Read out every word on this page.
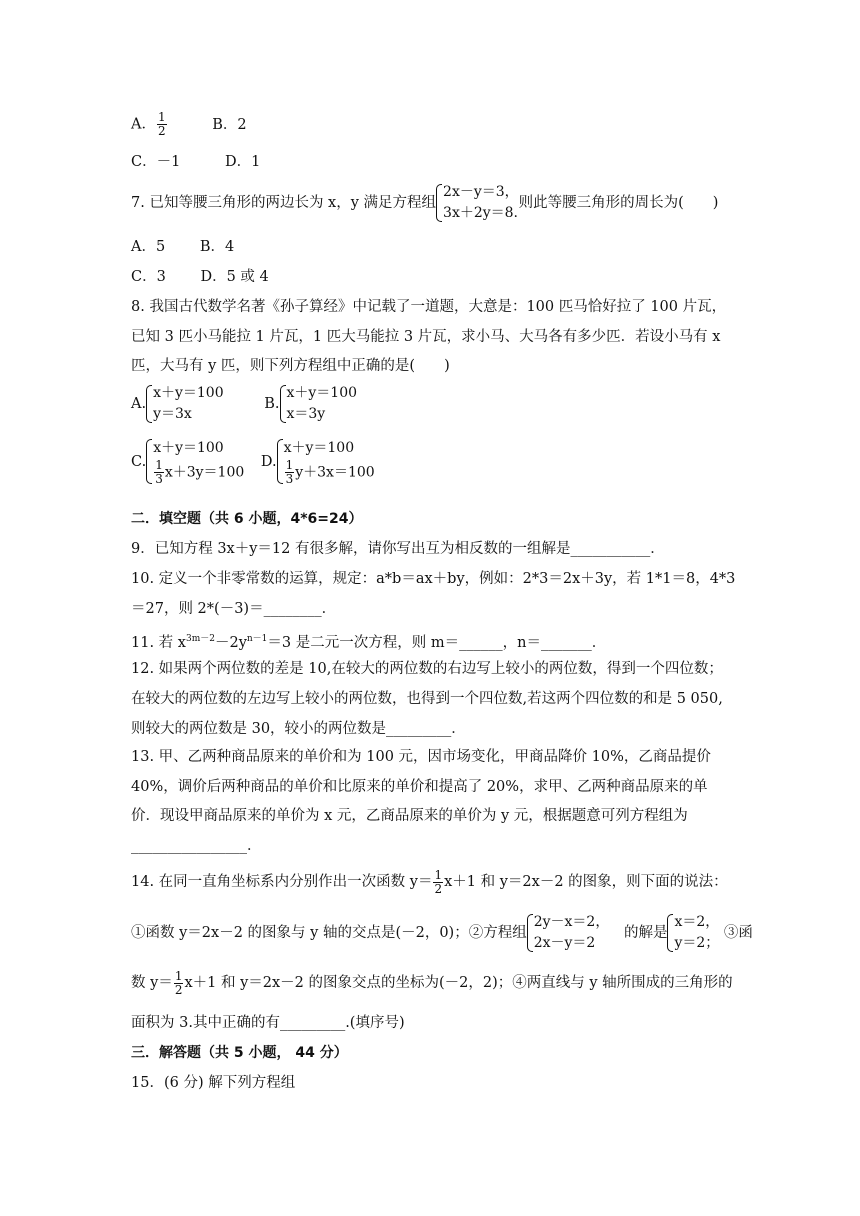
A． $\frac{1}{2}$	B．2
C．－1	D．1
7. 已知等腰三角形的两边长为 x，y 满足方程组
2x－y＝3，
3x＋2y＝8.
则此等腰三角形的周长为(　　)
A．5 B．4
C．3 D．5 或 4
8. 我国古代数学名著《孙子算经》中记载了一道题，大意是：100 匹马恰好拉了 100 片瓦，
已知 3 匹小马能拉 1 片瓦，1 匹大马能拉 3 片瓦，求小马、大马各有多少匹．若设小马有 x
匹，大马有 y 匹，则下列方程组中正确的是(　　)
A.
x＋y＝100
y＝3x
B.
x＋y＝100
x＝3y
C.
x＋y＝100
$\frac{1}{3} x+3y=100$
D.
x＋y＝100
$\frac{1}{3} y+3x=100$
二．填空题（共 6 小题，4*6=24）
9．已知方程 3x＋y＝12 有很多解，请你写出互为相反数的一组解是___________．
10. 定义一个非零常数的运算，规定：a*b＝ax＋by，例如：2*3＝2x＋3y，若 1*1＝8，4*3
＝27，则 2*(－3)＝________．
11. 若 $x^{3m-2}-2y^{n-1}=3$ 是二元一次方程，则 m＝______，n＝_______．
12. 如果两个两位数的差是 10,在较大的两位数的右边写上较小的两位数，得到一个四位数；
在较大的两位数的左边写上较小的两位数，也得到一个四位数,若这两个四位数的和是 5 050,
则较大的两位数是 30，较小的两位数是_________．
13. 甲、乙两种商品原来的单价和为 100 元，因市场变化，甲商品降价 10%，乙商品提价
40%，调价后两种商品的单价和比原来的单价和提高了 20%，求甲、乙两种商品原来的单
价．现设甲商品原来的单价为 x 元，乙商品原来的单价为 y 元，根据题意可列方程组为
________________．
14. 在同一直角坐标系内分别作出一次函数 $y= \frac{1}{2} x+1$ 和 y＝2x－2 的图象，则下面的说法：
①函数 y＝2x－2 的图象与 y 轴的交点是(－2，0)；②方程组
2y－x＝2，
2x－y＝2
的解是
x＝2，
y＝2；
③函
数 $y= \frac{1}{2} x+1$ 和 y＝2x－2 的图象交点的坐标为(－2，2)；④两直线与 y 轴所围成的三角形的
面积为 3.其中正确的有_________.(填序号)
三．解答题（共 5 小题， 44 分）
15．(6 分) 解下列方程组
